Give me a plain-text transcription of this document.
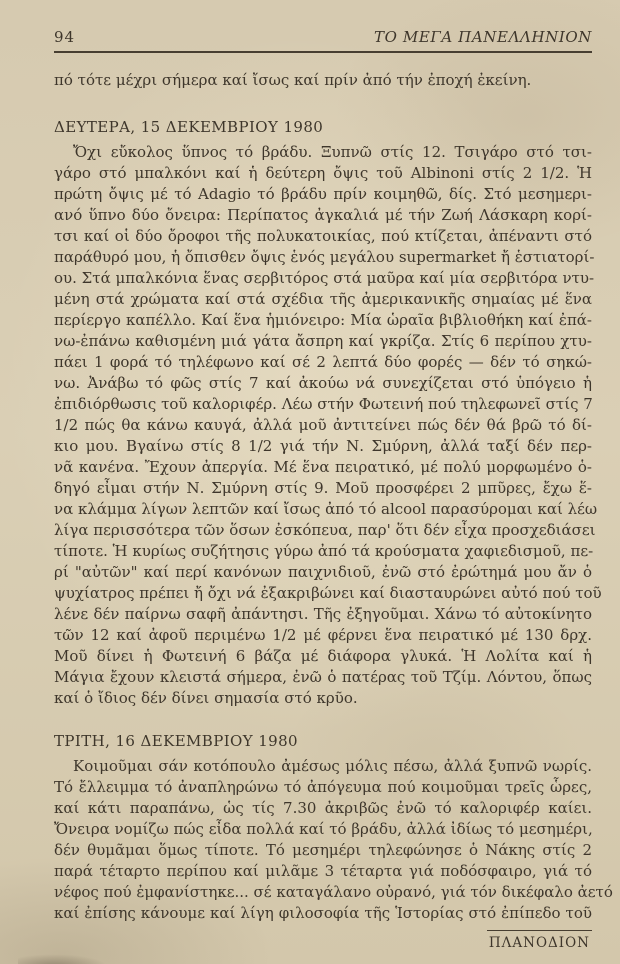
94	ΤΟ ΜΕΓΑ ΠΑΝΕΛΛΗΝΙΟΝ
πό τότε μέχρι σήμερα καί ἴσως καί πρίν ἀπό τήν ἐποχή ἐκείνη.
ΔΕΥΤΕΡΑ, 15 ΔΕΚΕΜΒΡΙΟΥ 1980
Ὄχι εὔκολος ὕπνος τό βράδυ. Ξυπνῶ στίς 12. Τσιγάρο στό τσι-
γάρο στό μπαλκόνι καί ἡ δεύτερη ὄψις τοῦ Albinoni στίς 2 1/2. Ἡ
πρώτη ὄψις μέ τό Adagio τό βράδυ πρίν κοιμηθῶ, δίς. Στό μεσημερι-
ανό ὕπνο δύο ὄνειρα: Περίπατος ἀγκαλιά μέ τήν Ζωή Λάσκαρη κορί-
τσι καί οἱ δύο ὄροφοι τῆς πολυκατοικίας, πού κτίζεται, ἀπέναντι στό
παράθυρό μου, ἡ ὄπισθεν ὄψις ἑνός μεγάλου supermarket ἤ ἑστιατορί-
ου. Στά μπαλκόνια ἕνας σερβιτόρος στά μαῦρα καί μία σερβιτόρα ντυ-
μένη στά χρώματα καί στά σχέδια τῆς ἀμερικανικῆς σημαίας μέ ἕνα
περίεργο καπέλλο. Καί ἕνα ἡμιόνειρο: Μία ὡραῖα βιβλιοθήκη καί ἐπά-
νω-ἐπάνω καθισμένη μιά γάτα ἄσπρη καί γκρίζα. Στίς 6 περίπου χτυ-
πάει 1 φορά τό τηλέφωνο καί σέ 2 λεπτά δύο φορές — δέν τό σηκώ-
νω. Ἀνάβω τό φῶς στίς 7 καί ἀκούω νά συνεχίζεται στό ὑπόγειο ἡ
ἐπιδιόρθωσις τοῦ καλοριφέρ. Λέω στήν Φωτεινή πού τηλεφωνεῖ στίς 7
1/2 πώς θα κάνω καυγά, ἀλλά μοῦ ἀντιτείνει πώς δέν θά βρῶ τό δί-
κιο μου. Βγαίνω στίς 8 1/2 γιά τήν Ν. Σμύρνη, ἀλλά ταξί δέν περ-
νᾶ κανένα. Ἔχουν ἀπεργία. Μέ ἕνα πειρατικό, μέ πολύ μορφωμένο ὁ-
δηγό εἶμαι στήν Ν. Σμύρνη στίς 9. Μοῦ προσφέρει 2 μπῦρες, ἔχω ἕ-
να κλάμμα λίγων λεπτῶν καί ἴσως ἀπό τό alcool παρασύρομαι καί λέω
λίγα περισσότερα τῶν ὅσων ἐσκόπευα, παρ' ὅτι δέν εἶχα προσχεδιάσει
τίποτε. Ἡ κυρίως συζήτησις γύρω ἀπό τά κρούσματα χαφιεδισμοῦ, πε-
ρί "αὐτῶν" καί περί κανόνων παιχνιδιοῦ, ἐνῶ στό ἐρώτημά μου ἄν ὁ
ψυχίατρος πρέπει ἤ ὄχι νά ἐξακριβώνει καί διασταυρώνει αὐτό πού τοῦ
λένε δέν παίρνω σαφῆ ἀπάντησι. Τῆς ἐξηγοῦμαι. Χάνω τό αὐτοκίνητο
τῶν 12 καί ἀφοῦ περιμένω 1/2 μέ φέρνει ἕνα πειρατικό μέ 130 δρχ.
Μοῦ δίνει ἡ Φωτεινή 6 βάζα μέ διάφορα γλυκά. Ἡ Λολίτα καί ἡ
Μάγια ἔχουν κλειστά σήμερα, ἐνῶ ὁ πατέρας τοῦ Τζίμ. Λόντου, ὅπως
καί ὁ ἴδιος δέν δίνει σημασία στό κρῦο.
ΤΡΙΤΗ, 16 ΔΕΚΕΜΒΡΙΟΥ 1980
Κοιμοῦμαι σάν κοτόπουλο ἀμέσως μόλις πέσω, ἀλλά ξυπνῶ νωρίς.
Τό ἔλλειμμα τό ἀναπληρώνω τό ἀπόγευμα πού κοιμοῦμαι τρεῖς ὧρες,
καί κάτι παραπάνω, ὡς τίς 7.30 ἀκριβῶς ἐνῶ τό καλοριφέρ καίει.
Ὄνειρα νομίζω πώς εἶδα πολλά καί τό βράδυ, ἀλλά ἰδίως τό μεσημέρι,
δέν θυμᾶμαι ὅμως τίποτε. Τό μεσημέρι τηλεφώνησε ὁ Νάκης στίς 2
παρά τέταρτο περίπου καί μιλᾶμε 3 τέταρτα γιά ποδόσφαιρο, γιά τό
νέφος πού ἐμφανίστηκε... σέ καταγάλανο οὐρανό, γιά τόν δικέφαλο ἀετό
καί ἐπίσης κάνουμε καί λίγη φιλοσοφία τῆς Ἱστορίας στό ἐπίπεδο τοῦ
ΠΛΑΝΟΔΙΟΝ
